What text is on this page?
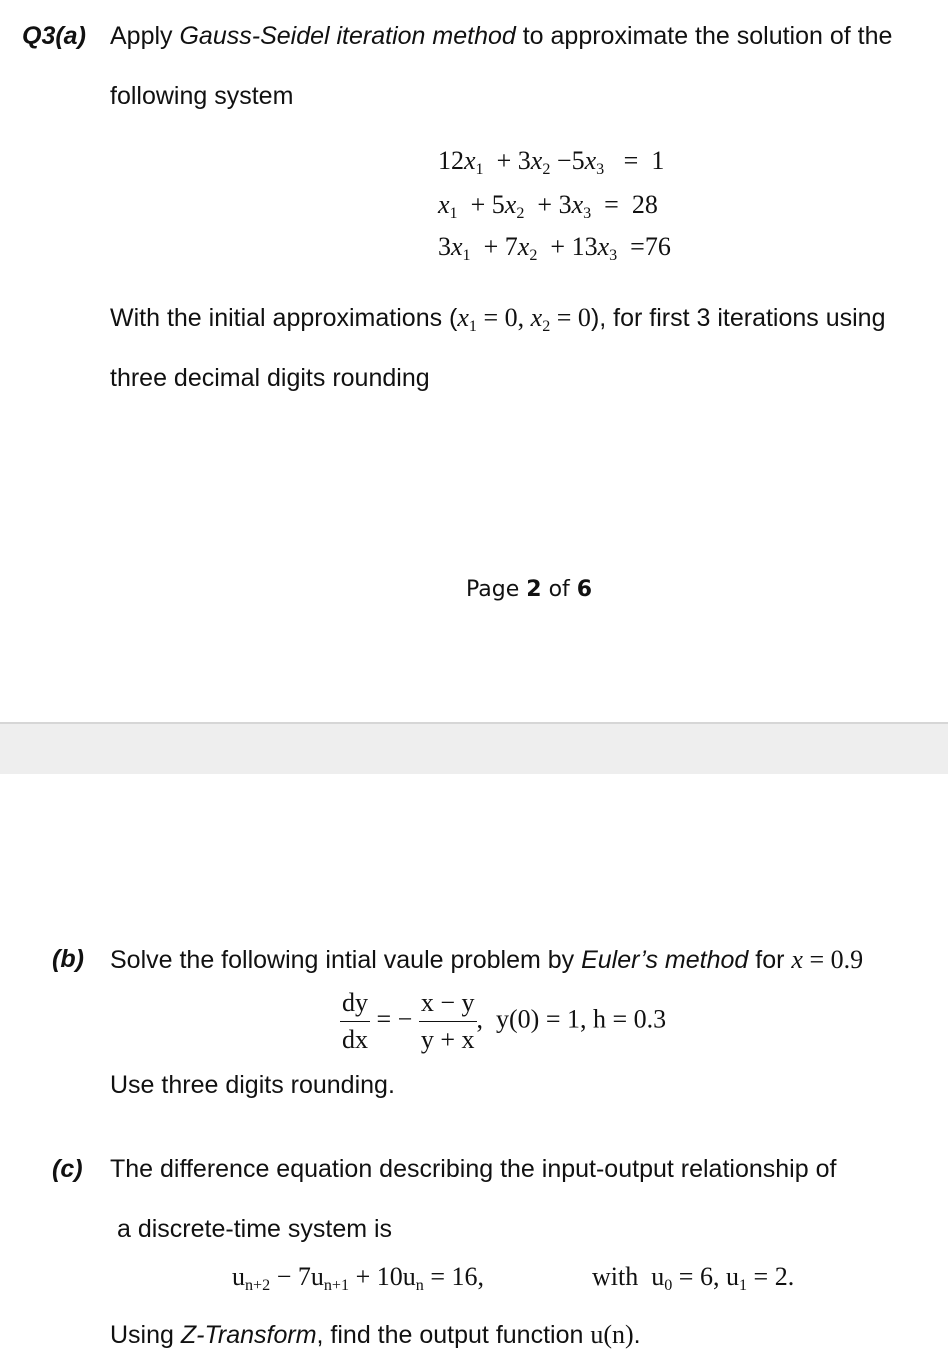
Q3(a) Apply Gauss-Seidel iteration method to approximate the solution of the
following system
$12x_1 + 3x_2 -5x_3 = 1$
$x_1 + 5x_2 + 3x_3 = 28$
$3x_1 + 7x_2 + 13x_3 =76$
With the initial approximations ($x_1 = 0$, $x_2 = 0$), for first 3 iterations using
three decimal digits rounding
Page 2 of 6
(b) Solve the following intial vaule problem by Euler’s method for x = 0.9
$\frac{dy}{dx}$ = − $\frac{x - y}{y + x}$ , y(0) = 1, h = 0.3
Use three digits rounding.
(c) The difference equation describing the input-output relationship of
a discrete-time system is
$u_{n+2} - 7u_{n+1} + 10u_n = 16$,	with  $u_0 = 6$, $u_1 = 2$.
Using Z-Transform, find the output function u(n).
